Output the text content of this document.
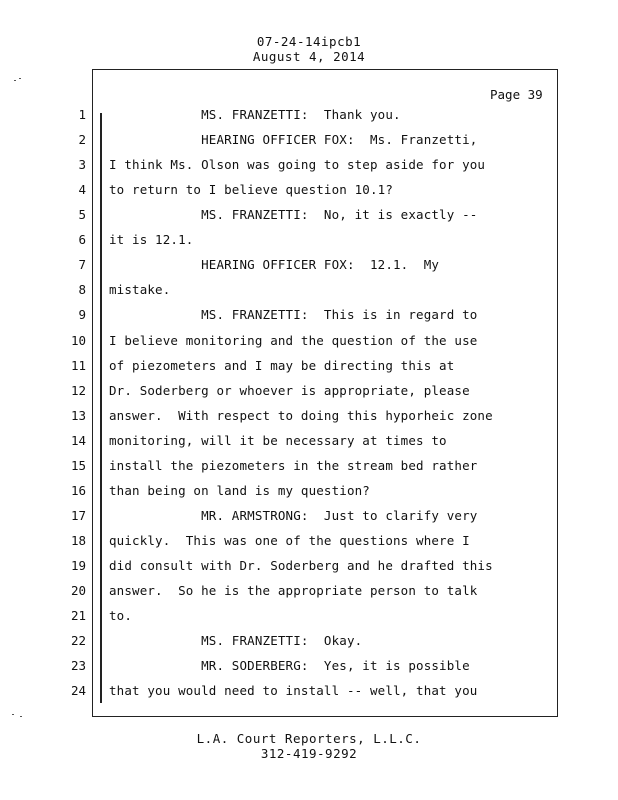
07-24-14ipcb1
August 4, 2014
Page 39
1 MS. FRANZETTI:  Thank you.
2 HEARING OFFICER FOX:  Ms. Franzetti,
3 I think Ms. Olson was going to step aside for you
4 to return to I believe question 10.1?
5 MS. FRANZETTI:  No, it is exactly --
6 it is 12.1.
7 HEARING OFFICER FOX:  12.1.  My
8 mistake.
9 MS. FRANZETTI:  This is in regard to
10 I believe monitoring and the question of the use
11 of piezometers and I may be directing this at
12 Dr. Soderberg or whoever is appropriate, please
13 answer.  With respect to doing this hyporheic zone
14 monitoring, will it be necessary at times to
15 install the piezometers in the stream bed rather
16 than being on land is my question?
17 MR. ARMSTRONG:  Just to clarify very
18 quickly.  This was one of the questions where I
19 did consult with Dr. Soderberg and he drafted this
20 answer.  So he is the appropriate person to talk
21 to.
22 MS. FRANZETTI:  Okay.
23 MR. SODERBERG:  Yes, it is possible
24 that you would need to install -- well, that you
L.A. Court Reporters, L.L.C.
312-419-9292
